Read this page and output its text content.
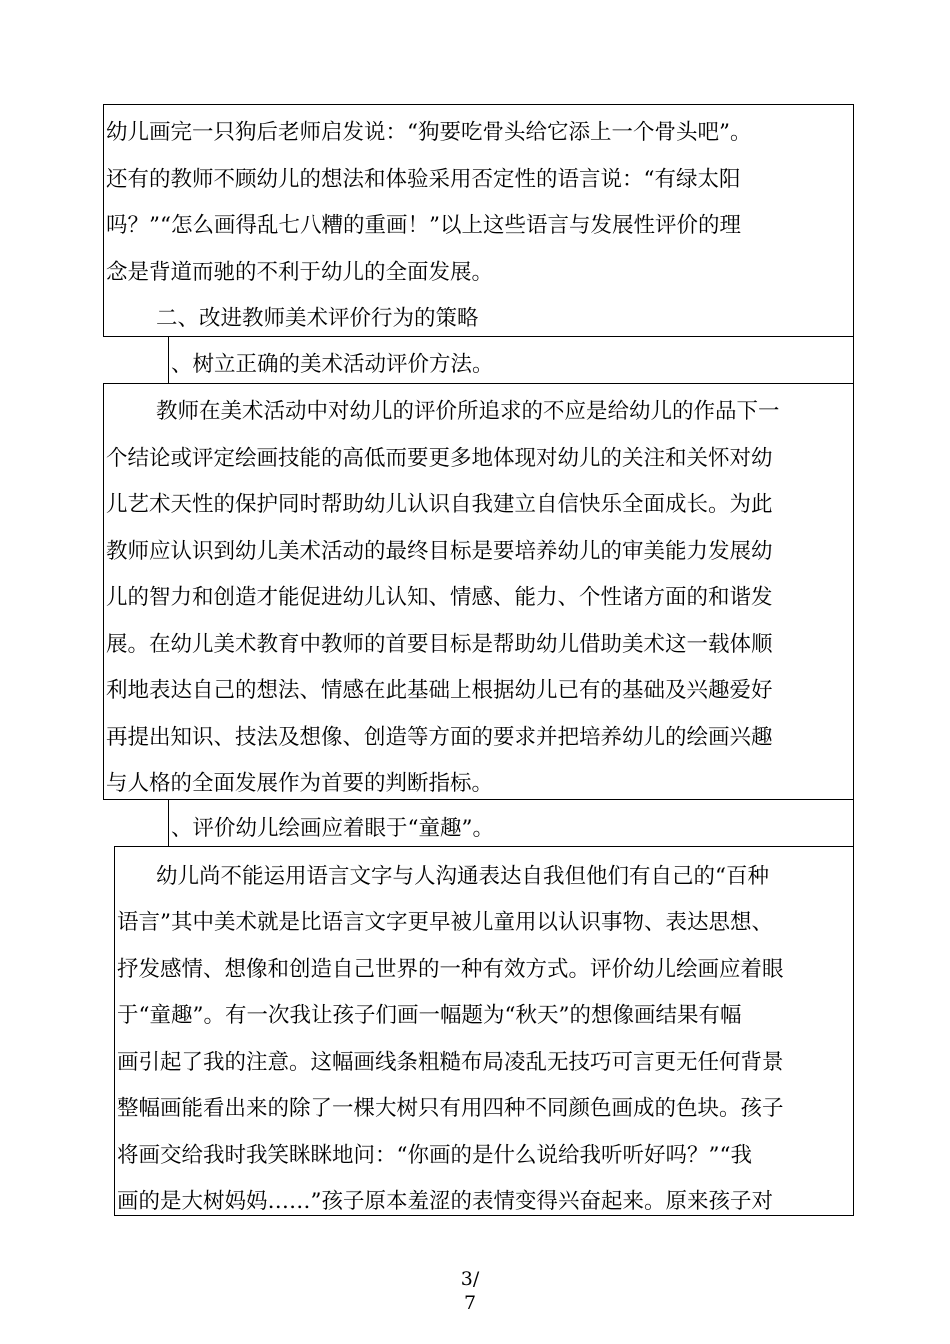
幼儿画完一只狗后老师启发说：“狗要吃骨头给它添上一个骨头吧”。
还有的教师不顾幼儿的想法和体验采用否定性的语言说：“有绿太阳
吗？”“怎么画得乱七八糟的重画！”以上这些语言与发展性评价的理
念是背道而驰的不利于幼儿的全面发展。
二、改进教师美术评价行为的策略
、树立正确的美术活动评价方法。
教师在美术活动中对幼儿的评价所追求的不应是给幼儿的作品下一
个结论或评定绘画技能的高低而要更多地体现对幼儿的关注和关怀对幼
儿艺术天性的保护同时帮助幼儿认识自我建立自信快乐全面成长。为此
教师应认识到幼儿美术活动的最终目标是要培养幼儿的审美能力发展幼
儿的智力和创造才能促进幼儿认知、情感、能力、个性诸方面的和谐发
展。在幼儿美术教育中教师的首要目标是帮助幼儿借助美术这一载体顺
利地表达自己的想法、情感在此基础上根据幼儿已有的基础及兴趣爱好
再提出知识、技法及想像、创造等方面的要求并把培养幼儿的绘画兴趣
与人格的全面发展作为首要的判断指标。
、评价幼儿绘画应着眼于“童趣”。
幼儿尚不能运用语言文字与人沟通表达自我但他们有自己的“百种
语言”其中美术就是比语言文字更早被儿童用以认识事物、表达思想、
抒发感情、想像和创造自己世界的一种有效方式。评价幼儿绘画应着眼
于“童趣”。有一次我让孩子们画一幅题为“秋天”的想像画结果有幅
画引起了我的注意。这幅画线条粗糙布局凌乱无技巧可言更无任何背景
整幅画能看出来的除了一棵大树只有用四种不同颜色画成的色块。孩子
将画交给我时我笑眯眯地问：“你画的是什么说给我听听好吗？”“我
画的是大树妈妈……”孩子原本羞涩的表情变得兴奋起来。原来孩子对
3/
7
